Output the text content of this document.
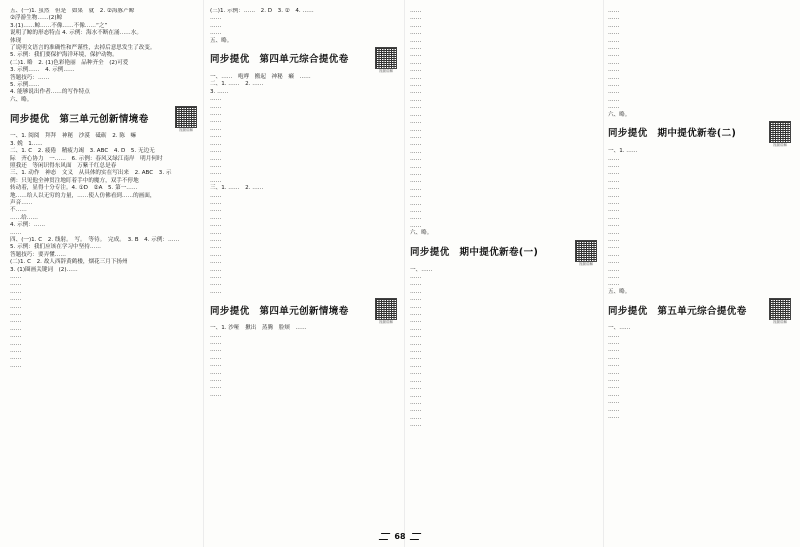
五、(一)1. 虽然　但是　如果　就　2. ②海豚产鲸
②浮游生物……(2)鲸
3.(1)……鲸……不像……不像……“之”
说明了鲸的形态特点 4. 示例：海水不断在涌……水。
体现
了说明文语言的准确性和严谨性，去掉后意思发生了改变。
5. 示例：我们要保护海洋环境，保护动物。
(二)1. 略　2. (1)色彩艳丽　品种齐全　(2)可爱
3. 示例……　4. 示例……
答题技巧：……
5. 示例……
4. 能够说出作者……的写作特点
六、略。
同步提优　第三单元创新情境卷
视频讲解
一、1. 阅阅　拜拜　神秘　沙漠　砥砺　2. 陈　嘛
3. 娩　1......
二、1. C　2. 疲倦　精疲力竭　3. ABC　4. D　5. 无边无
际　齐心协力　一……　6. 示例：春风又绿江南岸　明月何时
照我还　等闲识得东风面　万紫千红总是春
三、1. 动作　神态　文义　从具体的实在写出来　2. ABC　3. 示
例：只见他全神贯注地盯着手中的魔方，双手不停地
转动着，显得十分专注。4. ①D　②A　5. 第一……
地……给人以无穷的力量，……使人仿佛看到……的画面，
声音……
不……
……给……
4. 示例：……
……
四、(一)1. C　2. 线射。　写。　等待。　完成。　3. B　4. 示例：……
5. 示例：我们应该在学习中坚持……
答题技巧：要弄懂……
(二)1. C　2. 故人西辞黄鹤楼，烟花三月下扬州
3. (1)圈画关键词　(2)……
……
……
……
……
……
……
……
……
……
……
……
……
……
(三)1. 示例：……　2. D　3. ②　4. ……
……
……
……
五、略。
同步提优　第四单元综合提优卷
视频讲解
一、……　咆哮　搬起　神秘　癞　……
二、1. ……　2. ……
3. ……
……
……
……
……
……
……
……
……
……
……
……
……
三、1. ……　2. ……
……
……
……
……
……
……
……
……
……
……
……
……
……
……
同步提优　第四单元创新情境卷
视频讲解
一、1. 沙哑　揪出　蒸腾　脸颊　……
……
……
……
……
……
……
……
……
……
……
……
……
……
……
……
……
……
……
……
……
……
……
……
……
……
……
……
……
……
……
……
……
……
……
……
……
……
……
……
六、略。
同步提优　期中提优新卷(一)
视频讲解
一、……
……
……
……
……
……
……
……
……
……
……
……
……
……
……
……
……
……
……
……
……
……
……
……
……
……
……
……
……
……
……
……
……
……
……
……
六、略。
同步提优　期中提优新卷(二)
视频讲解
一、1. ……
……
……
……
……
……
……
……
……
……
……
……
……
……
……
……
……
……
……
五、略。
同步提优　第五单元综合提优卷
视频讲解
一、……
……
……
……
……
……
……
……
……
……
……
……
……
68
